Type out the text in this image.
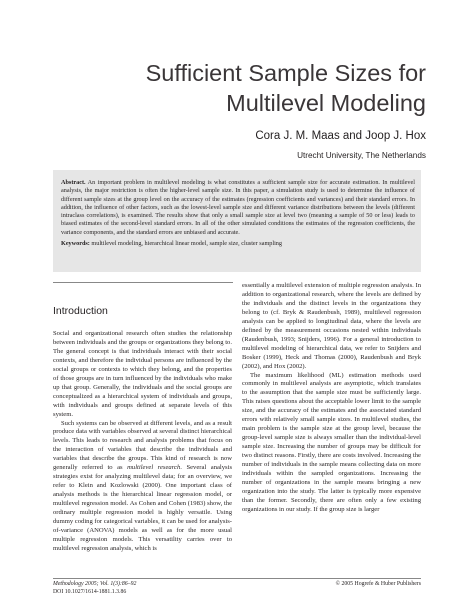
Sufficient Sample Sizes for
Multilevel Modeling
Cora J. M. Maas and Joop J. Hox
Utrecht University, The Netherlands

Abstract. An important problem in multilevel modeling is what constitutes a sufficient sample size for accurate estimation. In multilevel analysis, the major restriction is often the higher-level sample size. In this paper, a simulation study is used to determine the influence of different sample sizes at the group level on the accuracy of the estimates (regression coefficients and variances) and their standard errors. In addition, the influence of other factors, such as the lowest-level sample size and different variance distributions between the levels (different intraclass correlations), is examined. The results show that only a small sample size at level two (meaning a sample of 50 or less) leads to biased estimates of the second-level standard errors. In all of the other simulated conditions the estimates of the regression coefficients, the variance components, and the standard errors are unbiased and accurate.

Keywords: multilevel modeling, hierarchical linear model, sample size, cluster sampling

Introduction

Social and organizational research often studies the relationship between individuals and the groups or organizations they belong to. The general concept is that individuals interact with their social contexts, and therefore the individual persons are influenced by the social groups or contexts to which they belong, and the properties of those groups are in turn influenced by the individuals who make up that group. Generally, the individuals and the social groups are conceptualized as a hierarchical system of individuals and groups, with individuals and groups defined at separate levels of this system.

Such systems can be observed at different levels, and as a result produce data with variables observed at several distinct hierarchical levels. This leads to research and analysis problems that focus on the interaction of variables that describe the individuals and variables that describe the groups. This kind of research is now generally referred to as multilevel research. Several analysis strategies exist for analyzing multilevel data; for an overview, we refer to Klein and Kozlowski (2000). One important class of analysis methods is the hierarchical linear regression model, or multilevel regression model. As Cohen and Cohen (1983) show, the ordinary multiple regression model is highly versatile. Using dummy coding for categorical variables, it can be used for analysis-of-variance (ANOVA) models as well as for the more usual multiple regression models. This versatility carries over to multilevel regression analysis, which is

essentially a multilevel extension of multiple regression analysis. In addition to organizational research, where the levels are defined by the individuals and the distinct levels in the organizations they belong to (cf. Bryk & Raudenbush, 1989), multilevel regression analysis can be applied to longitudinal data, where the levels are defined by the measurement occasions nested within individuals (Raudenbush, 1993; Snijders, 1996). For a general introduction to multilevel modeling of hierarchical data, we refer to Snijders and Bosker (1999), Heck and Thomas (2000), Raudenbush and Bryk (2002), and Hox (2002).

The maximum likelihood (ML) estimation methods used commonly in multilevel analysis are asymptotic, which translates to the assumption that the sample size must be sufficiently large. This raises questions about the acceptable lower limit to the sample size, and the accuracy of the estimates and the associated standard errors with relatively small sample sizes. In multilevel studies, the main problem is the sample size at the group level, because the group-level sample size is always smaller than the individual-level sample size. Increasing the number of groups may be difficult for two distinct reasons. Firstly, there are costs involved. Increasing the number of individuals in the sample means collecting data on more individuals within the sampled organizations. Increasing the number of organizations in the sample means bringing a new organization into the study. The latter is typically more expensive than the former. Secondly, there are often only a few existing organizations in our study. If the group size is larger

Methodology 2005; Vol. 1(3):86–92
DOI 10.1027/1614-1881.1.3.86
© 2005 Hogrefe & Huber Publishers
